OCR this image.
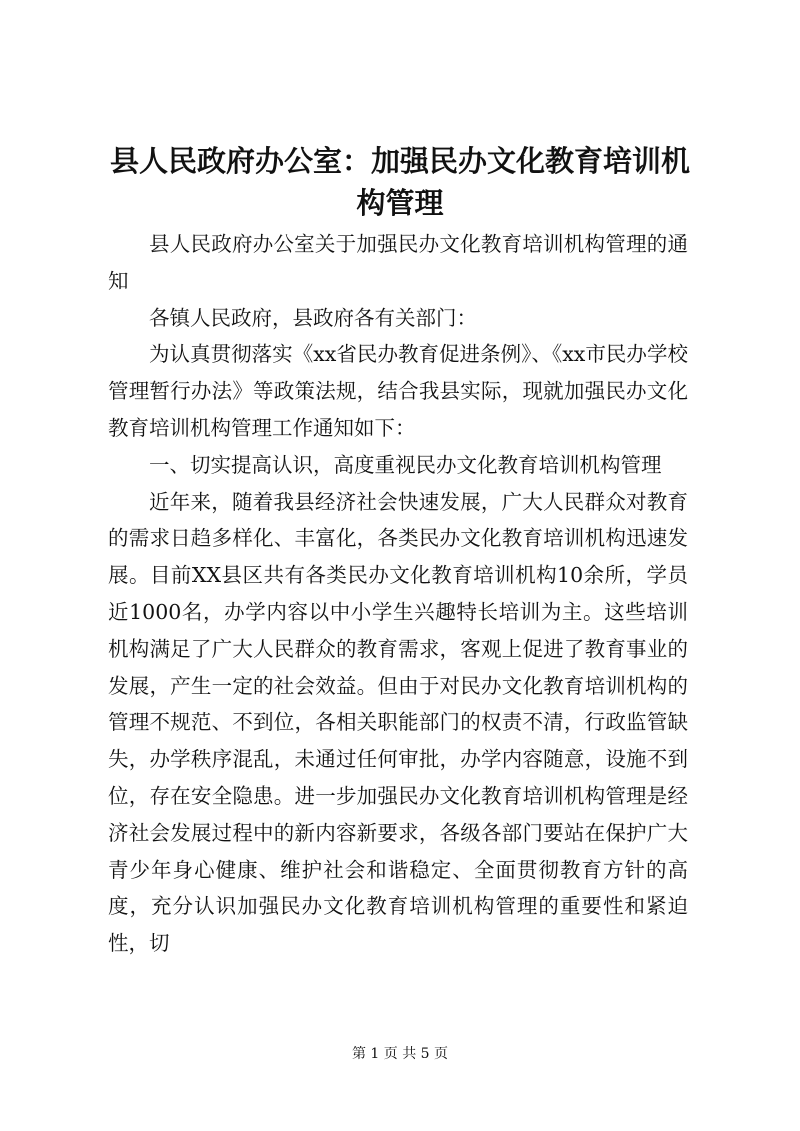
县人民政府办公室：加强民办文化教育培训机构管理

县人民政府办公室关于加强民办文化教育培训机构管理的通知

各镇人民政府，县政府各有关部门：

为认真贯彻落实《xx省民办教育促进条例》、《xx市民办学校管理暂行办法》等政策法规，结合我县实际，现就加强民办文化教育培训机构管理工作通知如下：

一、切实提高认识，高度重视民办文化教育培训机构管理

近年来，随着我县经济社会快速发展，广大人民群众对教育的需求日趋多样化、丰富化，各类民办文化教育培训机构迅速发展。目前XX县区共有各类民办文化教育培训机构10余所，学员近1000名，办学内容以中小学生兴趣特长培训为主。这些培训机构满足了广大人民群众的教育需求，客观上促进了教育事业的发展，产生一定的社会效益。但由于对民办文化教育培训机构的管理不规范、不到位，各相关职能部门的权责不清，行政监管缺失，办学秩序混乱，未通过任何审批，办学内容随意，设施不到位，存在安全隐患。进一步加强民办文化教育培训机构管理是经济社会发展过程中的新内容新要求，各级各部门要站在保护广大青少年身心健康、维护社会和谐稳定、全面贯彻教育方针的高度，充分认识加强民办文化教育培训机构管理的重要性和紧迫性，切

第 1 页 共 5 页
